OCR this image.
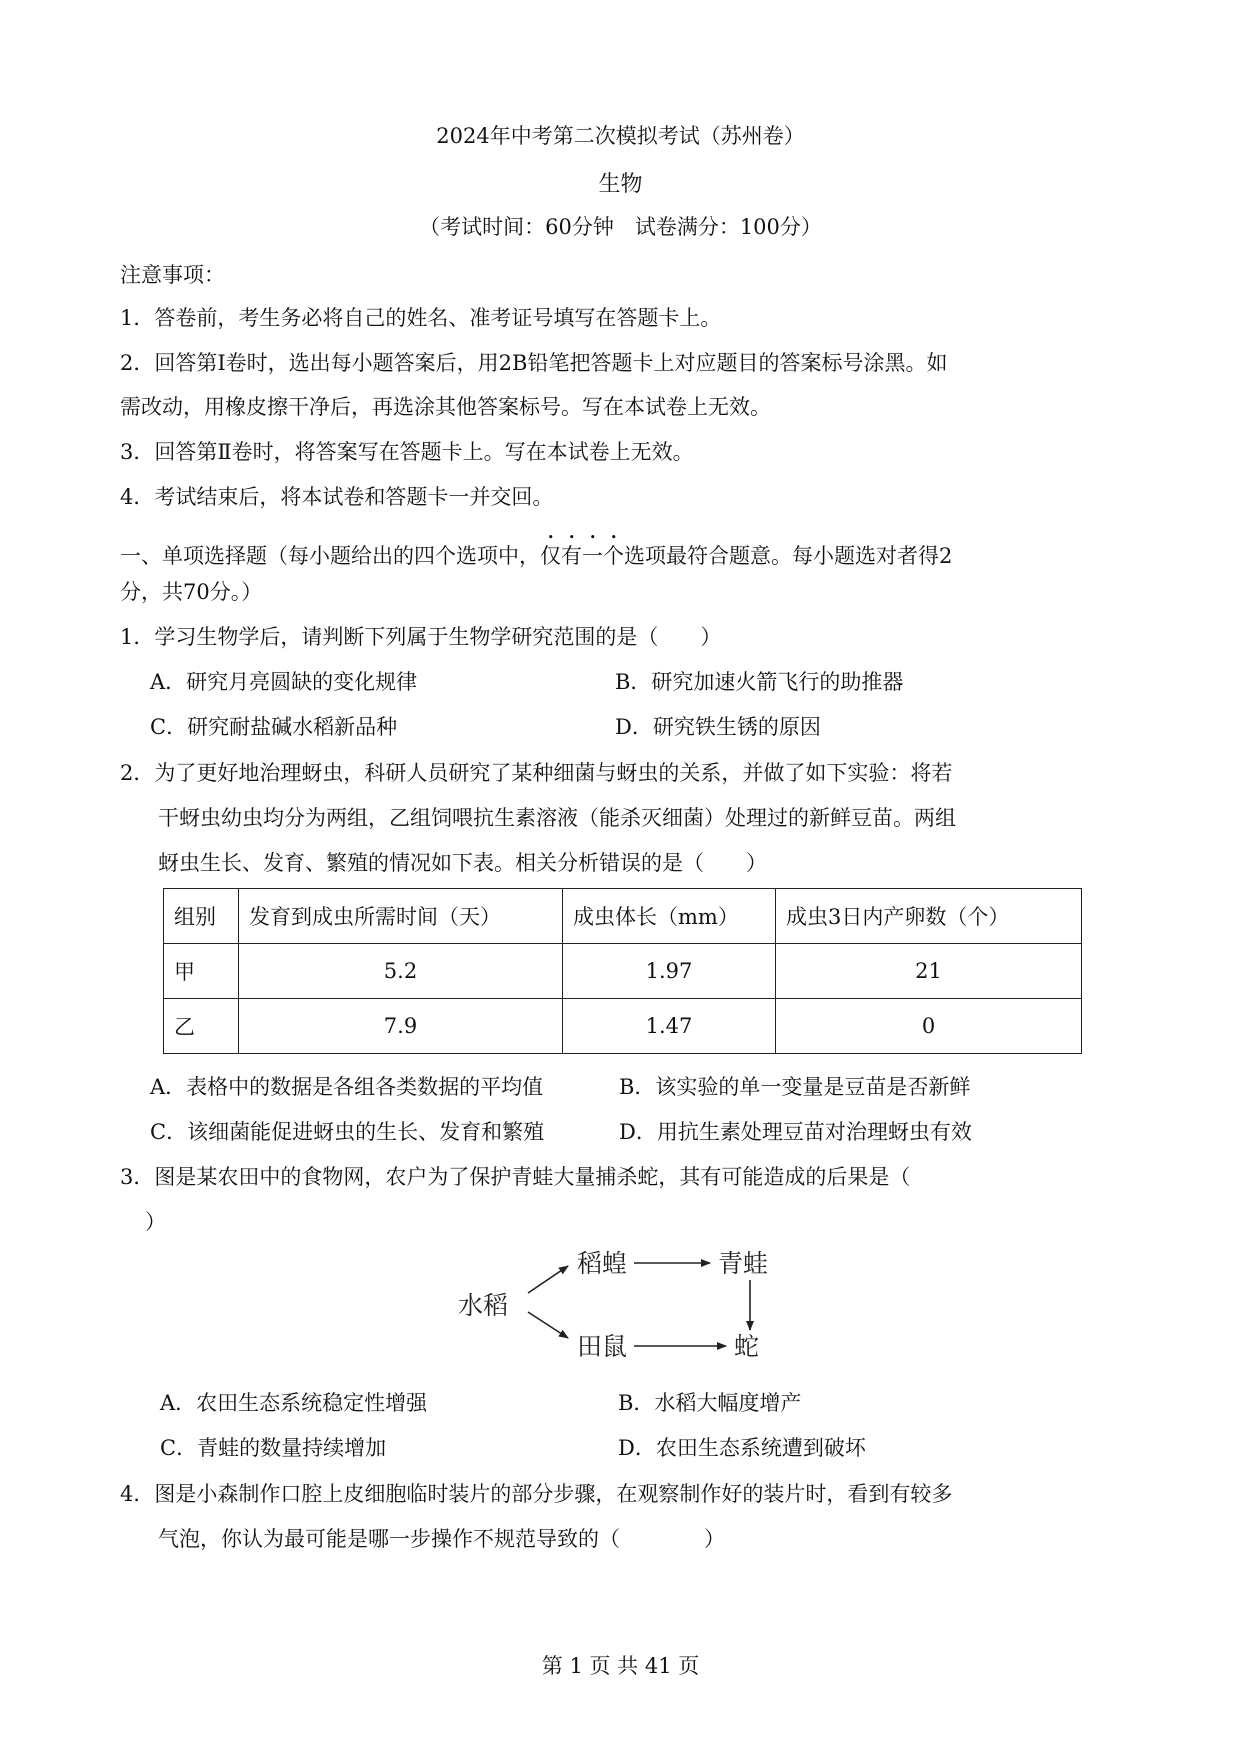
2024年中考第二次模拟考试（苏州卷）
生物
（考试时间：60分钟　试卷满分：100分）
注意事项：
1．答卷前，考生务必将自己的姓名、准考证号填写在答题卡上。
2．回答第Ⅰ卷时，选出每小题答案后，用2B铅笔把答题卡上对应题目的答案标号涂黑。如
需改动，用橡皮擦干净后，再选涂其他答案标号。写在本试卷上无效。
3．回答第Ⅱ卷时，将答案写在答题卡上。写在本试卷上无效。
4．考试结束后，将本试卷和答题卡一并交回。
一、单项选择题（每小题给出的四个选项中，仅有一个选项最符合题意。每小题选对者得2
分，共70分。）
1．学习生物学后，请判断下列属于生物学研究范围的是（　　）
A．研究月亮圆缺的变化规律	B．研究加速火箭飞行的助推器
C．研究耐盐碱水稻新品种	D．研究铁生锈的原因
2．为了更好地治理蚜虫，科研人员研究了某种细菌与蚜虫的关系，并做了如下实验：将若
干蚜虫幼虫均分为两组，乙组饲喂抗生素溶液（能杀灭细菌）处理过的新鲜豆苗。两组
蚜虫生长、发育、繁殖的情况如下表。相关分析错误的是（　　）
组别	发育到成虫所需时间（天）	成虫体长（mm）	成虫3日内产卵数（个）
甲	5.2	1.97	21
乙	7.9	1.47	0
A．表格中的数据是各组各类数据的平均值	B．该实验的单一变量是豆苗是否新鲜
C．该细菌能促进蚜虫的生长、发育和繁殖	D．用抗生素处理豆苗对治理蚜虫有效
3．图是某农田中的食物网，农户为了保护青蛙大量捕杀蛇，其有可能造成的后果是（
）
水稻
稻蝗	青蛙
田鼠	蛇
A．农田生态系统稳定性增强	B．水稻大幅度增产
C．青蛙的数量持续增加	D．农田生态系统遭到破坏
4．图是小森制作口腔上皮细胞临时装片的部分步骤，在观察制作好的装片时，看到有较多
气泡，你认为最可能是哪一步操作不规范导致的（　　　　）
第 1 页 共 41 页
